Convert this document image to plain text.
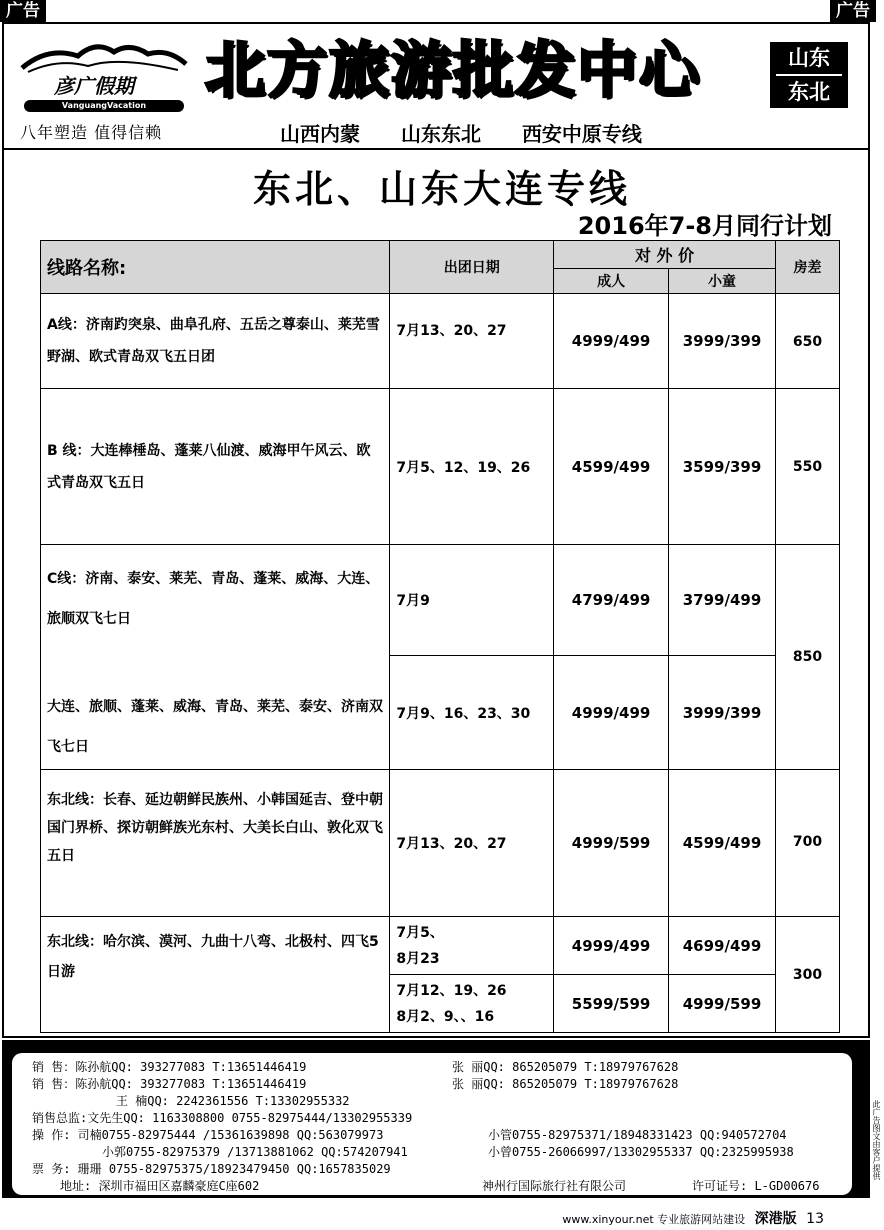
广告	广告
彦广假期
VanguangVacation 北方旅游批发中心	山东
东北
八年塑造 值得信赖	山西内蒙 山东东北 西安中原专线
东北、山东大连专线
2016年7-8月同行计划
线路名称:	出团日期	对 外 价		房差
		成人	小童	
A线：济南趵突泉、曲阜孔府、五岳之尊泰山、莱芜雪野湖、欧式青岛双飞五日团	7月13、20、27	4999/499	3999/399	650
B 线：大连棒棰岛、蓬莱八仙渡、威海甲午风云、欧式青岛双飞五日	7月5、12、19、26	4599/499	3599/399	550
C线：济南、泰安、莱芜、青岛、蓬莱、威海、大连、旅顺双飞七日	7月9	4799/499	3799/499	850
大连、旅顺、蓬莱、威海、青岛、莱芜、泰安、济南双飞七日	7月9、16、23、30	4999/499	3999/399	
东北线：长春、延边朝鲜民族州、小韩国延吉、登中朝国门界桥、探访朝鲜族光东村、大美长白山、敦化双飞五日	7月13、20、27	4999/599	4599/499	700
东北线：哈尔滨、漠河、九曲十八弯、北极村、四飞5日游	7月5、
8月23	4999/499	4699/499	300

	7月12、19、26
8月2、9、、16	5599/599	4999/599	
销 售：陈孙航QQ: 393277083 T:13651446419	张 丽QQ: 865205079 T:18979767628
销 售：陈孙航QQ: 393277083 T:13651446419	张 丽QQ: 865205079 T:18979767628
王 楠QQ: 2242361556 T:13302955332
销售总监:文先生QQ: 1163308800 0755-82975444/13302955339
操 作: 司楠0755-82975444 /15361639898 QQ:563079973	小管0755-82975371/18948331423 QQ:940572704
小郭0755-82975379 /13713881062 QQ:574207941	小曾0755-26066997/13302955337 QQ:2325995938
票 务: 珊珊 0755-82975375/18923479450 QQ:1657835029
地址: 深圳市福田区嘉麟豪庭C座602	神州行国际旅行社有限公司	许可证号: L-GD00676
www.xinyour.net 专业旅游网站建设 深港版 13
此广告图文由客户提供
